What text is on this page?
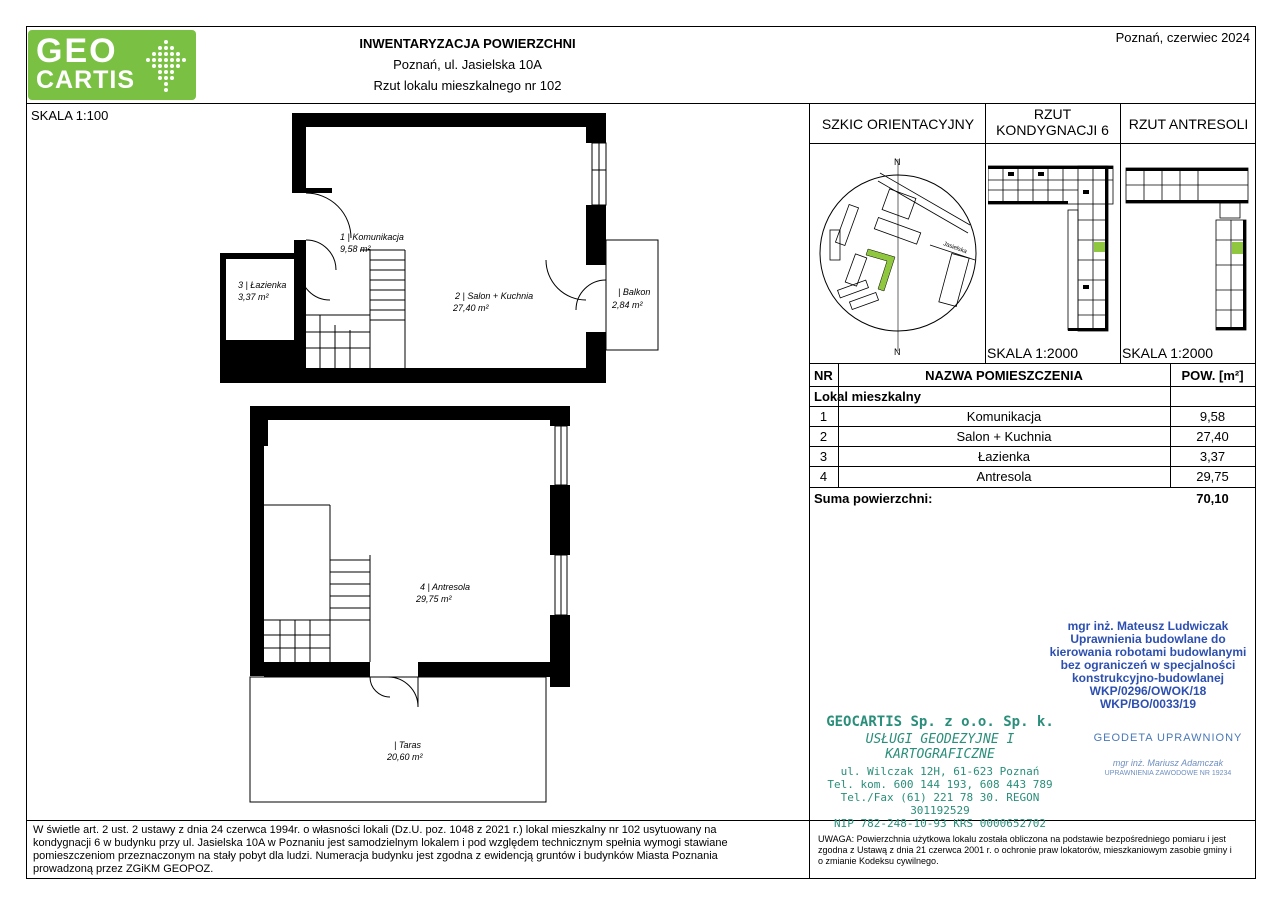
GEO
CARTIS
INWENTARYZACJA POWIERZCHNI
Poznań, ul. Jasielska 10A
Rzut lokalu mieszkalnego nr 102
Poznań, czerwiec 2024
SKALA 1:100
1 | Komunikacja
9,58 m²
2 | Salon + Kuchnia
27,40 m²
3 | Łazienka
3,37 m²	| Balkon
2,84 m²
4 | Antresola
29,75 m²
| Taras
20,60 m²
SZKIC ORIENTACYJNY
RZUT KONDYGNACJI 6	RZUT ANTRESOLI
SKALA 1:2000	SKALA 1:2000
Jasielska
N
N
NR	NAZWA POMIESZCZENIA	POW. [m²]
Lokal mieszkalny
1	Komunikacja	9,58
2	Salon + Kuchnia	27,40
3	Łazienka	3,37
4	Antresola	29,75
Suma powierzchni:	70,10
mgr inż. Mateusz Ludwiczak
Uprawnienia budowlane do
kierowania robotami budowlanymi
bez ograniczeń w specjalności
konstrukcyjno-budowlanej
WKP/0296/OWOK/18
WKP/BO/0033/19
GEOCARTIS Sp. z o.o. Sp. k.
USŁUGI GEODEZYJNE I KARTOGRAFICZNE
ul. Wilczak 12H, 61-623 Poznań
Tel. kom. 600 144 193, 608 443 789
Tel./Fax (61) 221 78 30. REGON 301192529
NIP 782-248-10-93 KRS 0000652702
GEODETA UPRAWNIONY
mgr inż. Mariusz Adamczak
UPRAWNIENIA ZAWODOWE NR 19234
W świetle art. 2 ust. 2 ustawy z dnia 24 czerwca 1994r. o własności lokali (Dz.U. poz. 1048 z 2021 r.) lokal mieszkalny nr 102 usytuowany na kondygnacji 6 w budynku przy ul. Jasielska 10A w Poznaniu jest samodzielnym lokalem i pod względem technicznym spełnia wymogi stawiane pomieszczeniom przeznaczonym na stały pobyt dla ludzi. Numeracja budynku jest zgodna z ewidencją gruntów i budynków Miasta Poznania prowadzoną przez ZGiKM GEOPOZ.
UWAGA: Powierzchnia użytkowa lokalu została obliczona na podstawie bezpośredniego pomiaru i jest zgodna z Ustawą z dnia 21 czerwca 2001 r. o ochronie praw lokatorów, mieszkaniowym zasobie gminy i o zmianie Kodeksu cywilnego.
